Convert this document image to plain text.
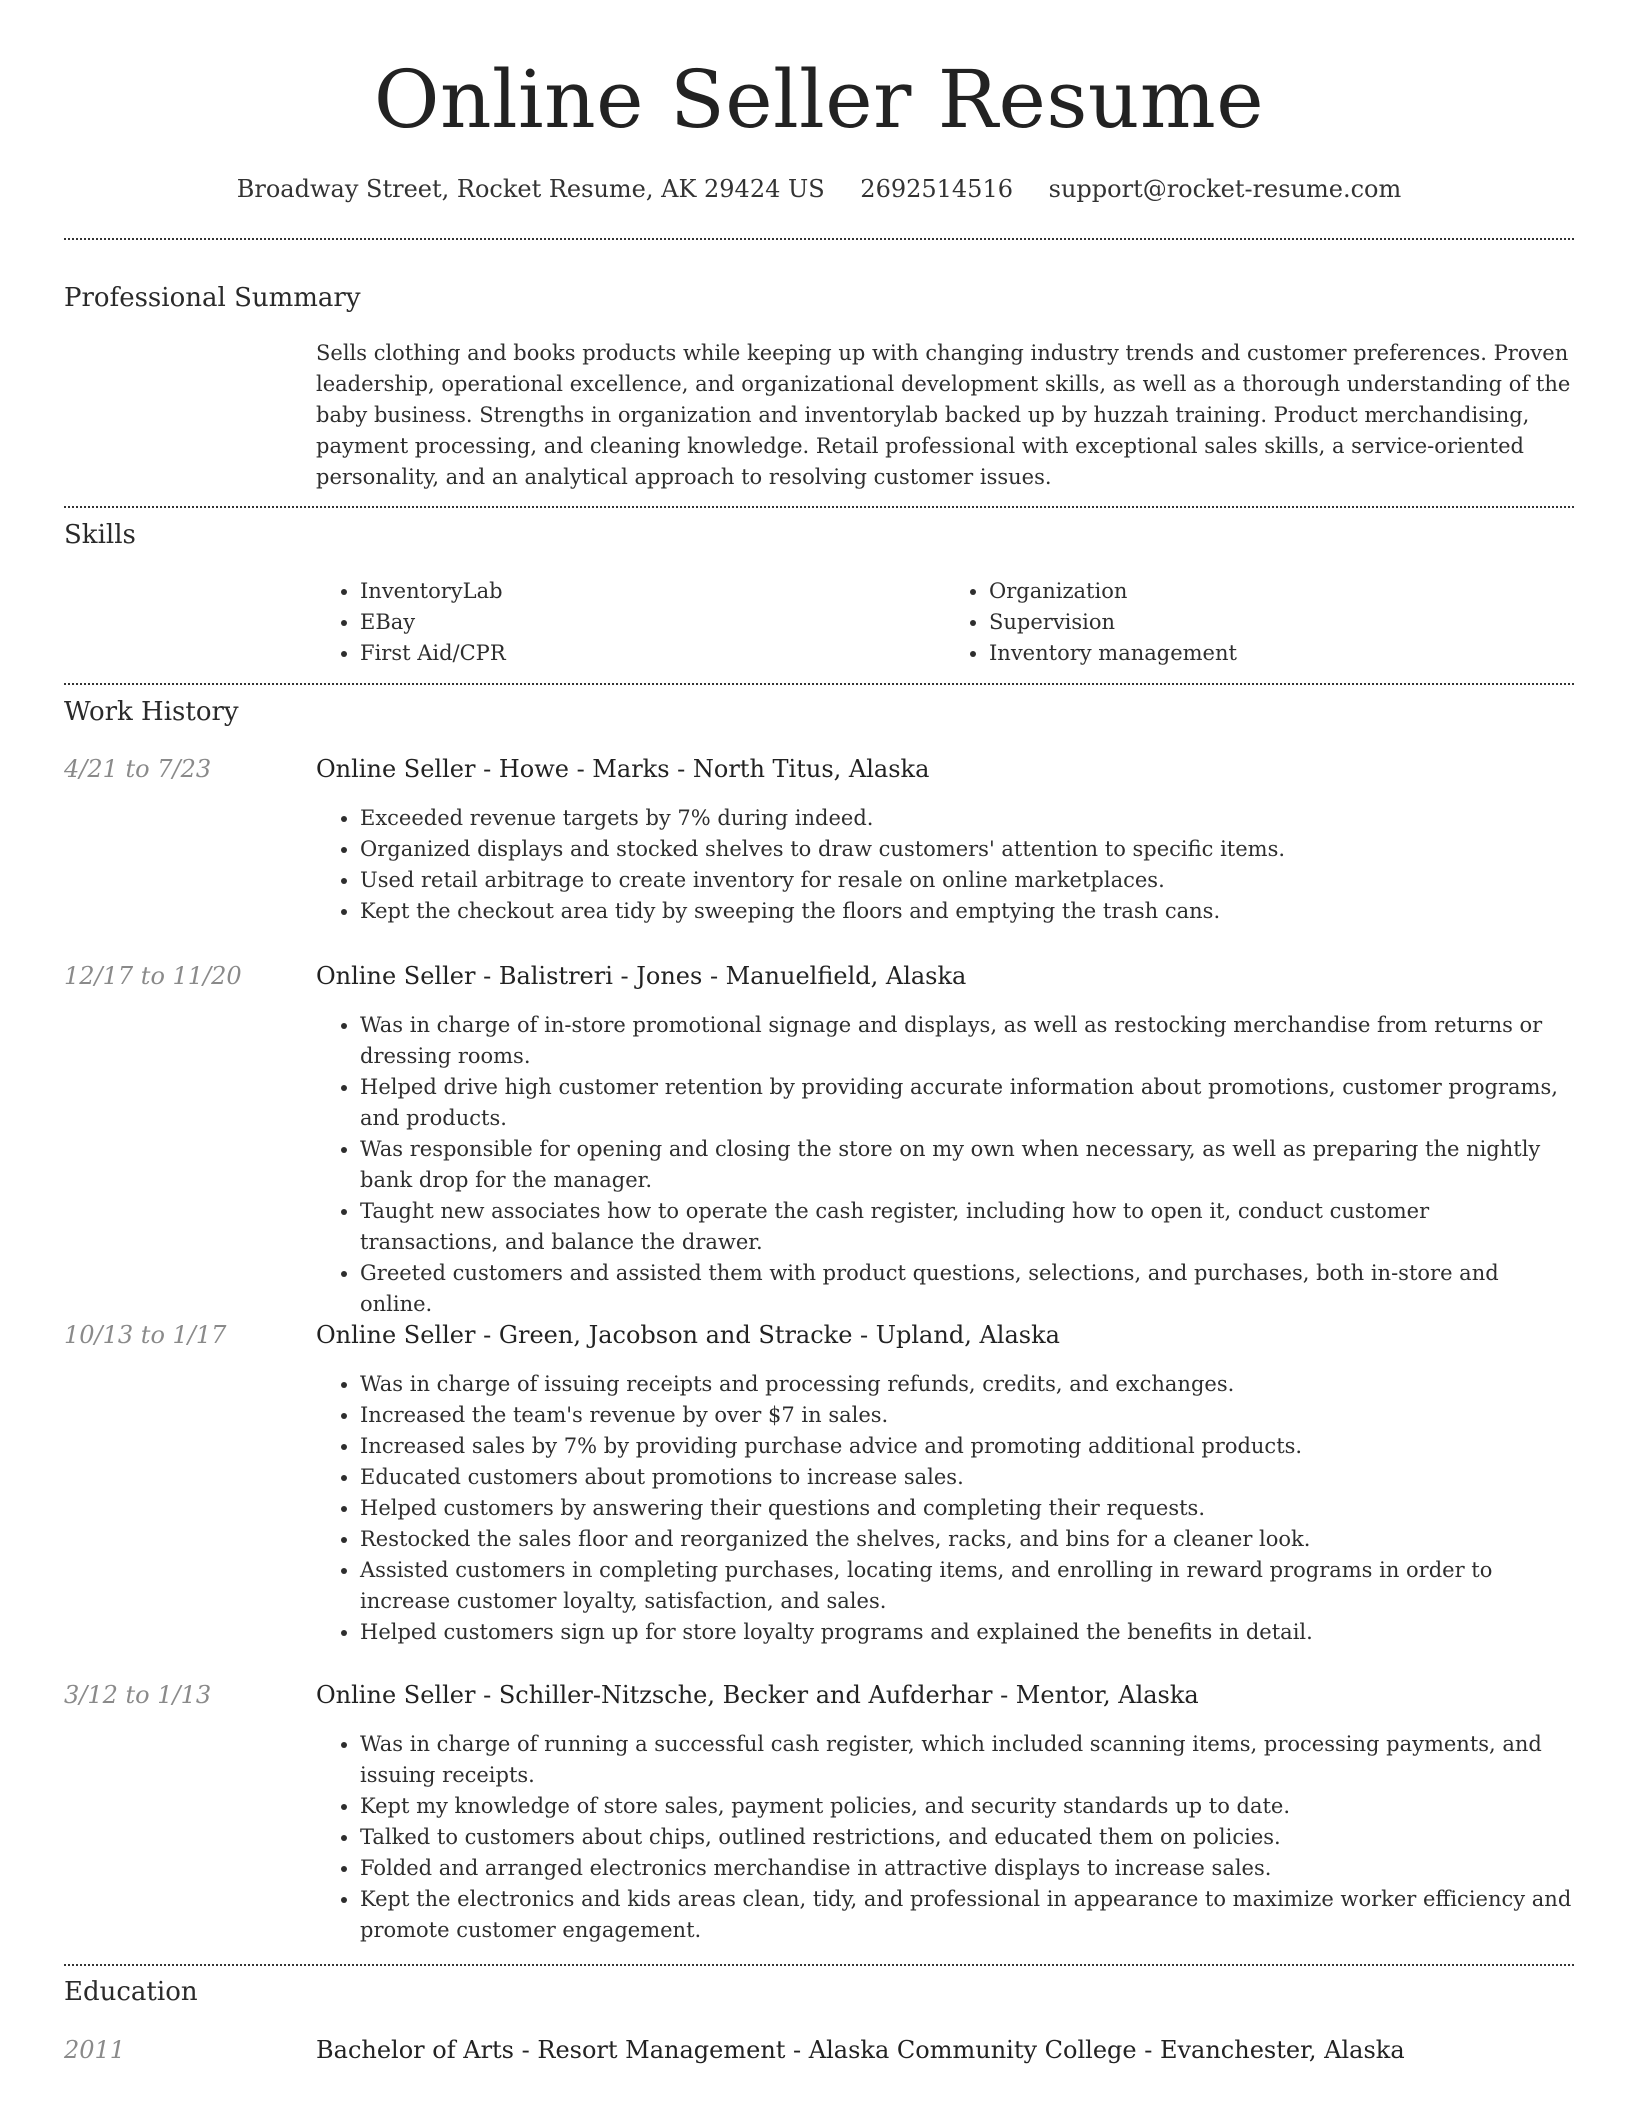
Online Seller Resume
Broadway Street, Rocket Resume, AK 29424 US 2692514516 support@rocket-resume.com
Professional Summary

Sells clothing and books products while keeping up with changing industry trends and customer preferences. Proven leadership, operational excellence, and organizational development skills, as well as a thorough understanding of the baby business. Strengths in organization and inventorylab backed up by huzzah training. Product merchandising, payment processing, and cleaning knowledge. Retail professional with exceptional sales skills, a service-oriented personality, and an analytical approach to resolving customer issues.

Skills
• InventoryLab
• EBay
• First Aid/CPR
• Organization
• Supervision
• Inventory management
Work History
4/21 to 7/23	Online Seller - Howe - Marks - North Titus, Alaska
• Exceeded revenue targets by 7% during indeed.
• Organized displays and stocked shelves to draw customers' attention to specific items.
• Used retail arbitrage to create inventory for resale on online marketplaces.
• Kept the checkout area tidy by sweeping the floors and emptying the trash cans.
12/17 to 11/20	Online Seller - Balistreri - Jones - Manuelfield, Alaska
• Was in charge of in-store promotional signage and displays, as well as restocking merchandise from returns or dressing rooms.
• Helped drive high customer retention by providing accurate information about promotions, customer programs, and products.
• Was responsible for opening and closing the store on my own when necessary, as well as preparing the nightly bank drop for the manager.
• Taught new associates how to operate the cash register, including how to open it, conduct customer transactions, and balance the drawer.
• Greeted customers and assisted them with product questions, selections, and purchases, both in-store and online.
10/13 to 1/17	Online Seller - Green, Jacobson and Stracke - Upland, Alaska
• Was in charge of issuing receipts and processing refunds, credits, and exchanges.
• Increased the team's revenue by over $7 in sales.
• Increased sales by 7% by providing purchase advice and promoting additional products.
• Educated customers about promotions to increase sales.
• Helped customers by answering their questions and completing their requests.
• Restocked the sales floor and reorganized the shelves, racks, and bins for a cleaner look.
• Assisted customers in completing purchases, locating items, and enrolling in reward programs in order to increase customer loyalty, satisfaction, and sales.
• Helped customers sign up for store loyalty programs and explained the benefits in detail.
3/12 to 1/13	Online Seller - Schiller-Nitzsche, Becker and Aufderhar - Mentor, Alaska
• Was in charge of running a successful cash register, which included scanning items, processing payments, and issuing receipts.
• Kept my knowledge of store sales, payment policies, and security standards up to date.
• Talked to customers about chips, outlined restrictions, and educated them on policies.
• Folded and arranged electronics merchandise in attractive displays to increase sales.
• Kept the electronics and kids areas clean, tidy, and professional in appearance to maximize worker efficiency and promote customer engagement.
Education
2011	Bachelor of Arts - Resort Management - Alaska Community College - Evanchester, Alaska
